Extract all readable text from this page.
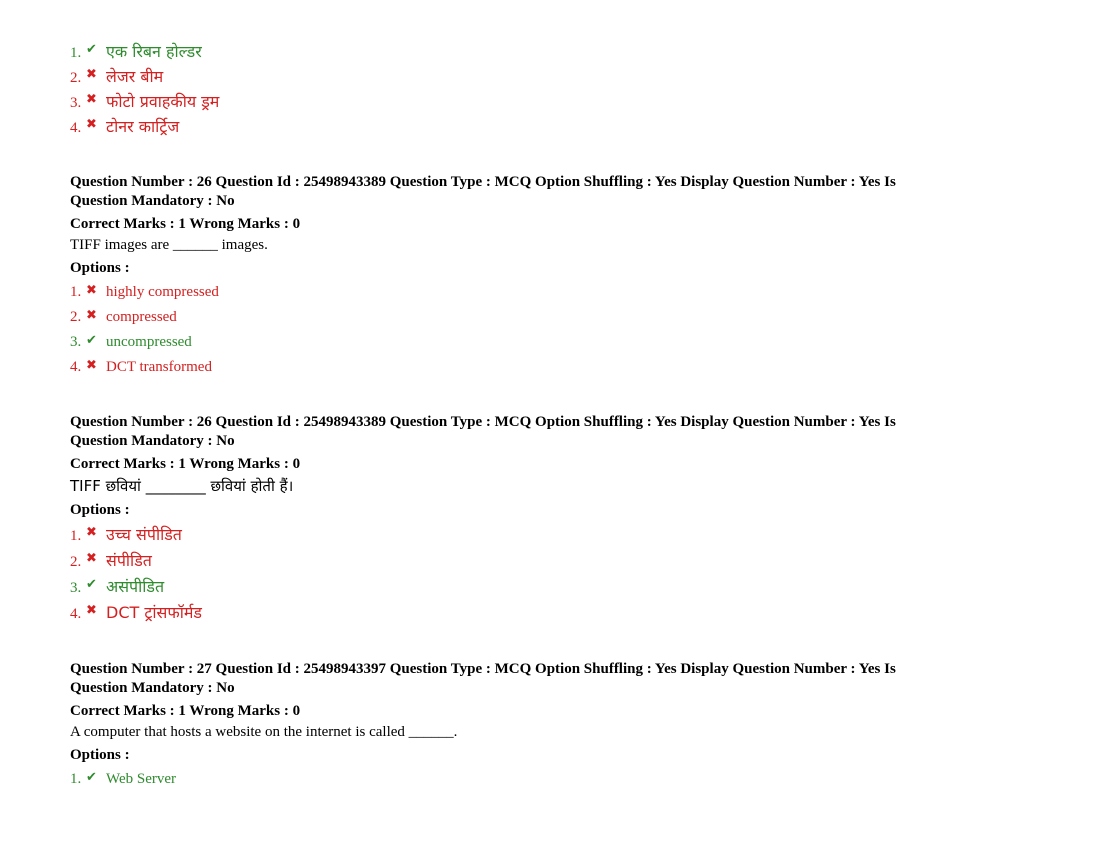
1. ✔ एक रिबन होल्डर
2. ✖ लेजर बीम
3. ✖ फोटो प्रवाहकीय ड्रम
4. ✖ टोनर कार्ट्रिज
Question Number : 26 Question Id : 25498943389 Question Type : MCQ Option Shuffling : Yes Display Question Number : Yes Is
Question Mandatory : No
Correct Marks : 1 Wrong Marks : 0
TIFF images are ______ images.
Options :
1. ✖ highly compressed
2. ✖ compressed
3. ✔ uncompressed
4. ✖ DCT transformed
Question Number : 26 Question Id : 25498943389 Question Type : MCQ Option Shuffling : Yes Display Question Number : Yes Is
Question Mandatory : No
Correct Marks : 1 Wrong Marks : 0
TIFF छवियां ________ छवियां होती हैं।
Options :
1. ✖ उच्च संपीडित
2. ✖ संपीडित
3. ✔ असंपीडित
4. ✖ DCT ट्रांसफॉर्मड
Question Number : 27 Question Id : 25498943397 Question Type : MCQ Option Shuffling : Yes Display Question Number : Yes Is
Question Mandatory : No
Correct Marks : 1 Wrong Marks : 0
A computer that hosts a website on the internet is called ______.
Options :
1. ✔ Web Server
